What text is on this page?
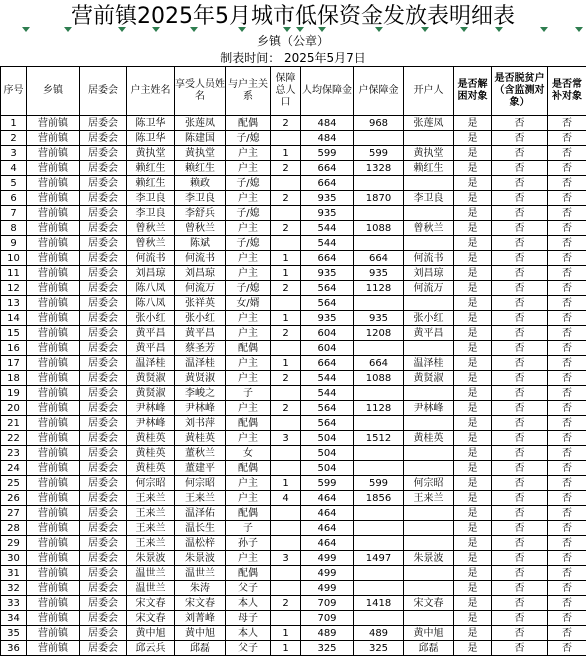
营前镇2025年5月城市低保资金发放表明细表
乡镇（公章）
制表时间： 2025年5月7日
序号	乡镇	居委会	户主姓名	享受人员姓名	与户主关系	保障总人口	人均保障金	户保障金	开户人	是否解困对象	是否脱贫户（含监测对象）	是否常补对象
1	营前镇	居委会	陈卫华	张莲凤	配偶	2	484	968	张莲凤	是	否	否
2	营前镇	居委会	陈卫华	陈建国	子/媳		484			是	否	否
3	营前镇	居委会	黄执堂	黄执堂	户主	1	599	599	黄执堂	是	否	否
4	营前镇	居委会	赖红生	赖红生	户主	2	664	1328	赖红生	是	否	否
5	营前镇	居委会	赖红生	赖政	子/媳		664			是	否	否
6	营前镇	居委会	李卫良	李卫良	户主	2	935	1870	李卫良	是	否	否
7	营前镇	居委会	李卫良	李舒兵	子/媳		935			是	否	否
8	营前镇	居委会	曾秋兰	曾秋兰	户主	2	544	1088	曾秋兰	是	否	否
9	营前镇	居委会	曾秋兰	陈斌	子/媳		544			是	否	否
10	营前镇	居委会	何流书	何流书	户主	1	664	664	何流书	是	否	否
11	营前镇	居委会	刘昌琼	刘昌琼	户主	1	935	935	刘昌琼	是	否	否
12	营前镇	居委会	陈八凤	何流万	子/媳	2	564	1128	何流万	是	否	否
13	营前镇	居委会	陈八凤	张祥英	女/婿		564			是	否	否
14	营前镇	居委会	张小红	张小红	户主	1	935	935	张小红	是	否	否
15	营前镇	居委会	黄平昌	黄平昌	户主	2	604	1208	黄平昌	是	否	否
16	营前镇	居委会	黄平昌	蔡圣芳	配偶		604			是	否	否
17	营前镇	居委会	温泽桂	温泽桂	户主	1	664	664	温泽桂	是	否	否
18	营前镇	居委会	黄贤淑	黄贤淑	户主	2	544	1088	黄贤淑	是	否	否
19	营前镇	居委会	黄贤淑	李峻之	子		544			是	否	否
20	营前镇	居委会	尹林峰	尹林峰	户主	2	564	1128	尹林峰	是	否	否
21	营前镇	居委会	尹林峰	刘书萍	配偶		564			是	否	否
22	营前镇	居委会	黄桂英	黄桂英	户主	3	504	1512	黄桂英	是	否	否
23	营前镇	居委会	黄桂英	董秋兰	女		504			是	否	否
24	营前镇	居委会	黄桂英	董建平	配偶		504			是	否	否
25	营前镇	居委会	何宗昭	何宗昭	户主	1	599	599	何宗昭	是	否	否
26	营前镇	居委会	王来兰	王来兰	户主	4	464	1856	王来兰	是	否	否
27	营前镇	居委会	王来兰	温泽佑	配偶		464			是	否	否
28	营前镇	居委会	王来兰	温长生	子		464			是	否	否
29	营前镇	居委会	王来兰	温松梓	孙子		464			是	否	否
30	营前镇	居委会	朱景波	朱景波	户主	3	499	1497	朱景波	是	否	否
31	营前镇	居委会	温世兰	温世兰	配偶		499			是	否	否
32	营前镇	居委会	温世兰	朱涛	父子		499			是	否	否
33	营前镇	居委会	宋文春	宋文春	本人	2	709	1418	宋文春	是	否	否
34	营前镇	居委会	宋文春	刘菁峰	母子		709			是	否	否
35	营前镇	居委会	黄中旭	黄中旭	本人	1	489	489	黄中旭	是	否	否
36	营前镇	居委会	邱云兵	邱磊	父子	1	325	325	邱磊	是	否	否
